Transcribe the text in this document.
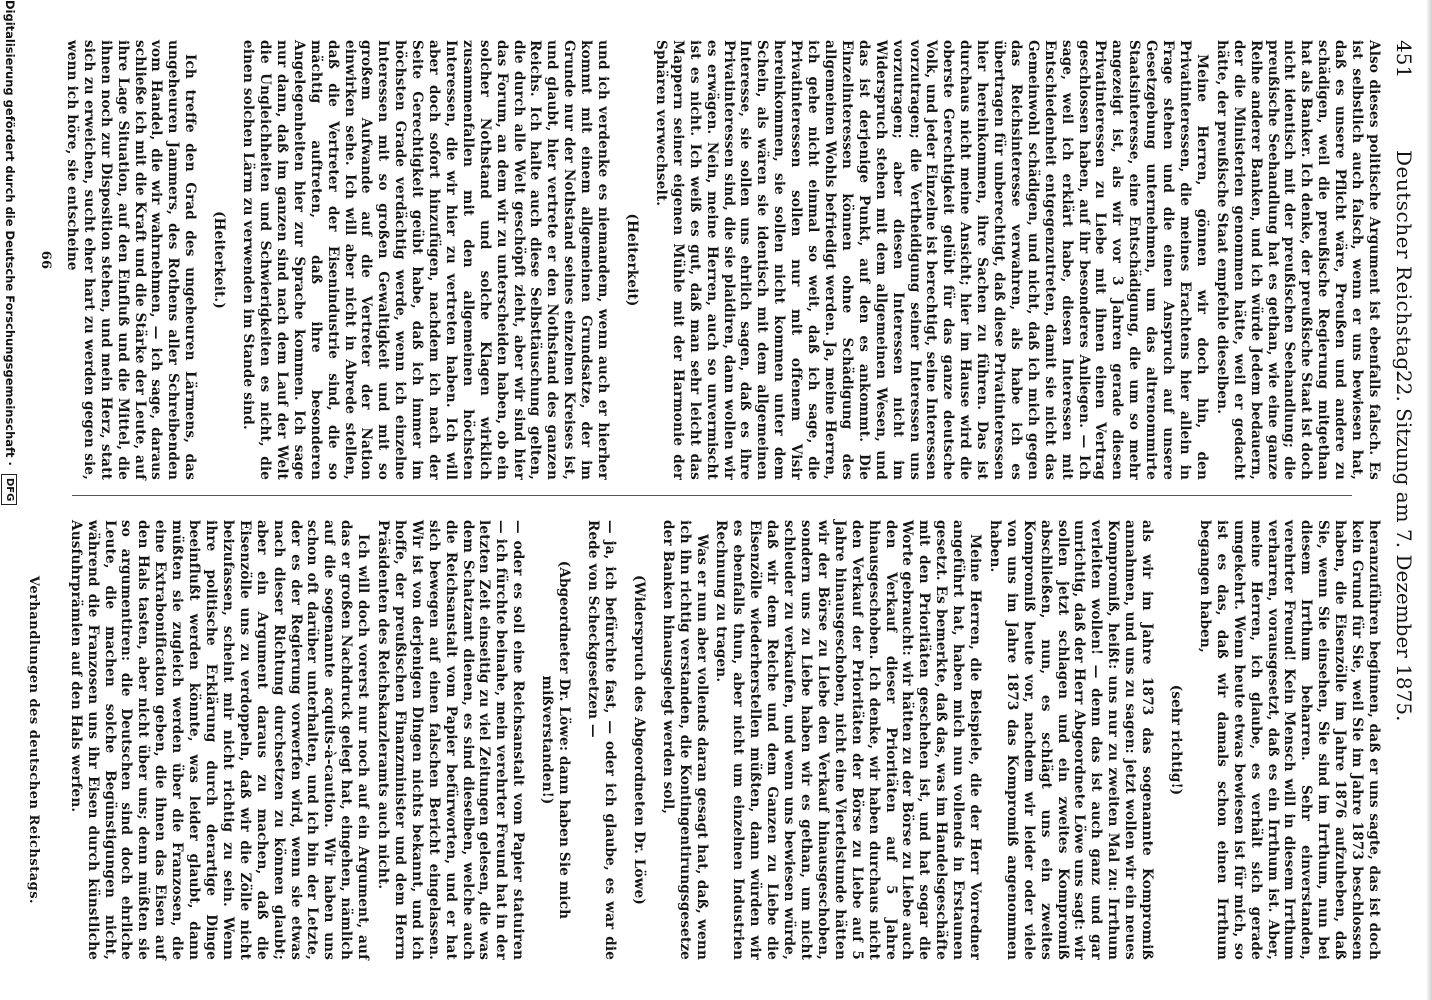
451
Deutscher Reichstag.
22. Sitzung am 7. Dezember 1875.

Also dieses politische Argument ist ebenfalls falsch. Es ist selbstlich auch falsch, wenn er uns bewiesen hat, daß es unsere Pflicht wäre, Preußen und andere zu schädigen, weil die preußische Regierung mitgethan hat als Banker. Ich denke, der preußische Staat ist doch nicht identisch mit der preußischen Seehandlung; die preußische Seehandlung hat es gethan, wie eine ganze Reihe anderer Banken, und ich würde Jedem bedauern, der die Ministerien genommen hätte, weil er gedacht hätte, der preußische Staat empfehle dieselben.

Meine Herren, gönnen wir doch hin, den Privatinteressen, die meines Erachtens hier allein in Frage stehen und die einen Anspruch auf unsere Gesetzgebung unternehmen, um das altrenommirte Staatsinteresse, eine Entschädigung, die um so mehr angezeigt ist, als wir vor 3 Jahren gerade diesen Privatinteressen zu Liebe mit ihnen einen Vertrag geschlossen haben, auf ihr besonderes Anliegen. — Ich sage, weil ich erklärt habe, diesen Interessen mit Entschiedenheit entgegenzutreten, damit sie nicht das Gemeinwohl schädigen, und nicht, daß ich mich gegen das Reichsinteresse verwahren, als habe ich es übertragen für unberechtigt, daß diese Privatinteressen hier hereinkommen, ihre Sachen zu führen. Das ist durchaus nicht meine Ansicht; hier im Hause wird die oberste Gerechtigkeit gelübt für das ganze deutsche Volk, und jeder Einzelne ist berechtigt, seine Interessen vorzutragen; die Vertheidigung seiner Interessen uns vorzutragen; aber diesen Interessen nicht im Widerspruch stehen mit dem allgemeinen Wesen, und das ist derjenige Punkt, auf den es ankommt. Die Einzelinteressen können ohne Schädigung des allgemeinen Wohls befriedigt werden. Ja, meine Herren, ich gehe nicht einmal so weit, daß ich sage, die Privatinteressen sollen nur mit offenem Visir hereinkommen, sie sollen nicht kommen unter dem Schein, als wären sie identisch mit dem allgemeinen Interesse, sie sollen uns ehrlich sagen, daß es ihre Privatinteressen sind, die sie plaidiren, dann wollen wir es erwägen. Nein, meine Herren, auch so unvermischt ist es nicht. Ich weiß es gut, daß man sehr leicht das Mappern seiner eigenen Mühle mit der Harmonie der Sphären verwechselt.

(Heiterkeit)

und ich verdenke es niemandem, wenn auch er hierher kommt mit einem allgemeinen Grundsatze, der im Grunde nur der Nothstand seines einzelnen Kreises ist, und glaubt, hier vertrete er den Nothstand des ganzen Reichs. Ich halte auch diese Selbsttäuschung gelten, die durch alle Welt geschöpft zieht, aber wir sind hier das Forum, an dem wir zu unterscheiden haben, ob ein solcher Nothstand und solche Klagen wirklich zusammenfallen mit den allgemeinen höchsten Interessen, die wir hier zu vertreten haben. Ich will aber doch sofort hinzufügen, nachdem ich nach der Seite Gerechtigkeit geübt habe, daß ich immer im höchsten Grade verdächtig werde, wenn ich einzelne Interessen mit so großen Gewaltigkeit und mit so großem Aufwande auf die Vertreter der Nation einwirken sehe. Ich will aber nicht in Abrede stellen, daß die Vertreter der Eisenindustrie sind, die so mächtig auftreten, daß ihre besonderen Angelegenheiten hier zur Sprache kommen. Ich sage nur dann, daß im ganzen sind nach dem Lauf der Welt die Ungleichheiten und Schwierigkeiten es nicht, die einen solchen Lärm zu verwenden im Stande sind.

(Heiterkeit.)

Ich treffe den Grad des ungeheuren Lärmens, das ungeheuren Jammers, des Rothens aller Schreibenden vom Handel, die wir wahrnehmen, — ich sage, daraus schließe ich mit die Kraft und die Stärke der Leute, auf ihre Lage Situation, auf den Einfluß und die Mittel, die ihnen noch zur Disposition stehen, und mein Herz, statt sich zu erweichen, sucht eher hart zu werden gegen sie, wenn ich höre, sie entscheine

66

heranzuführen beginnen, daß er uns sagte, das ist doch kein Grund für Sie, weil Sie im Jahre 1873 beschlossen haben, die Eisenzölle im Jahre 1876 aufzuheben, daß Sie, wenn Sie einsehen, Sie sind im Irrthum, nun bei diesem Irrthum beharren. Sehr einverstanden, verehrter Freund! Kein Mensch will in diesem Irrthum verharren, vorausgesetzt, daß es ein Irrthum ist. Aber, meine Herren, ich glaube, es verhält sich gerade umgekehrt. Wenn heute etwas bewiesen ist für mich, so ist es das, daß wir damals schon einen Irrthum begangen haben,

(sehr richtig!)

als wir im Jahre 1873 das sogenannte Kompromiß annahmen, und uns zu sagen: jetzt wollen wir ein neues Kompromiß, heißt: uns nur zu zweiten Mal zu: Irrthum verleiten wollen! — denn das ist auch ganz und gar unrichtig, daß der Herr Abgeordnete Löwe uns sagt: wir sollen jetzt schlagen und ein zweites Kompromiß abschließen, nun, es schlägt uns ein zweites Kompromiß heute vor, nachdem wir leider oder viele von uns im Jahre 1873 das Kompromiß angenommen haben.

Meine Herren, die Beispiele, die der Herr Vorredner angeführt hat, haben mich nun vollends in Erstaunen gesetzt. Es bemerkte, daß das, was im Handelsgeschäfte mit den Prioritäten geschehen ist, und hat sogar die Worte gebraucht: wir hätten zu der Börse zu Liebe auch den Verkauf dieser Prioritäten auf 5 Jahre hinausgeschoben. Ich denke, wir haben durchaus nicht den Verkauf der Prioritäten der Börse zu Liebe auf 5 Jahre hinausgeschoben, nicht eine Viertelstunde hätten wir der Börse zu Liebe den Verkauf hinausgeschoben, sondern uns zu Liebe haben wir es gethan, um nicht schleuder zu verkaufen, und wenn uns bewiesen würde, daß wir dem Reiche und dem Ganzen zu Liebe die Eisenzölle wiederherstellen müßten, dann würden wir es ebenfalls thun, aber nicht um einzelnen Industrien Rechnung zu tragen.

Was er nun aber vollends daran gesagt hat, daß, wenn ich ihn richtig verstanden, die Kontingentirungsgesetze der Banken hinausgelegt werden soll,

(Widerspruch des Abgeordneten Dr. Löwe)

— ja, ich befürchte fast, — oder ich glaube, es war die Rede von Scheckgesetzen —

(Abgeordneter Dr. Löwe: dann haben Sie mich mißverstanden!)

— oder es soll eine Reichsanstalt vom Papier statuiren — ich fürchte beinahe, mein verehrter Freund hat in der letzten Zeit einseitig zu viel Zeitungen gelesen, die was dem Schatzamt dienen, es sind dieselben, welche auch die Reichsanstalt vom Papier befürworten, und er hat sich bewegen auf einen falschen Bericht eingelassen. Wir ist von derjenigen Dingen nichts bekannt, und ich hoffe, der preußischen Finanzminister und dem Herrn Präsidenten des Reichskanzleramts auch nicht.

Ich will doch vorerst nur noch auf ein Argument, auf das er großen Nachdruck gelegt hat, eingehen, nämlich auf die sogenannte acquits-à-caution. Wir haben uns schon oft darüber unterhalten, und ich bin der Letzte, der es der Regierung vorwerfen wird, wenn sie etwas nach dieser Richtung durchsetzen zu können glaubt; aber ein Argument daraus zu machen, daß die Eisenzölle uns zu verdoppeln, daß wir die Zölle nicht beizufassen, scheint mir nicht richtig zu sein. Wenn ihre politische Erklärung durch derartige Dinge beeinflußt werden könnte, was leider glaubt, dann müßten sie zugleich werden über die Franzosen, die eine Extrabonification geben, die ihnen das Eisen auf den Hals tasten, aber nicht über uns; denn müßten sie so argumentiren: die Deutschen sind doch ehrliche Leute, die machen solche Begünstigungen nicht, während die Franzosen uns ihr Eisen durch künstliche Ausfuhrprämien auf den Hals werfen.

Verhandlungen des deutschen Reichstags.
Digitalisierung gefördert durch die Deutsche Forschungsgemeinschaft · DFG
